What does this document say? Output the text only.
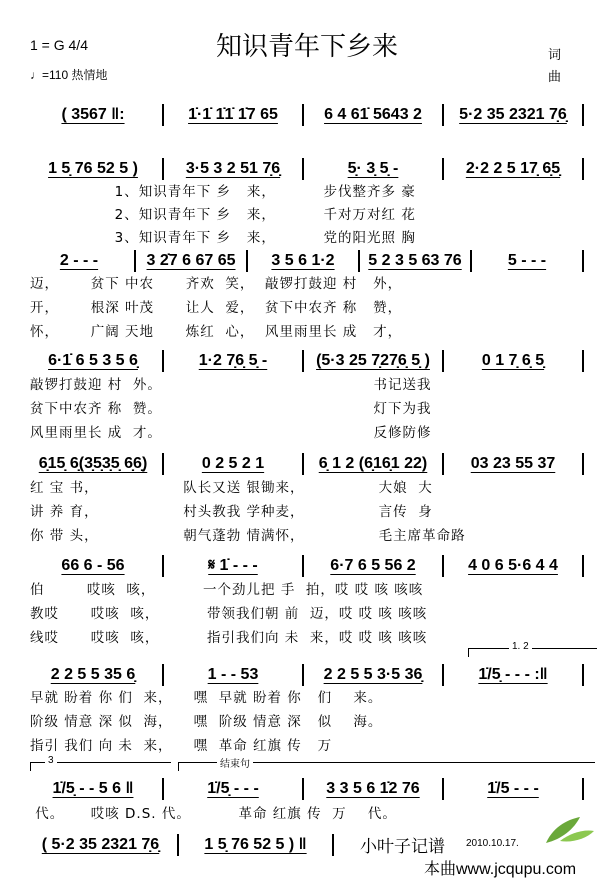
知识青年下乡来
1 = G 4/4
♩=110 热情地
词
曲
( 3567 ‖:	1̇·1̇ 1̇1̇ 1̇7 65	6 4 61̇ 5643 2	5·2 35 2321 7̣6̣
1 5̣ 76 52 5 )	3·5 3 2 51 7̣6̣	5̣· 3̣ 5̣ -	2·2 2 5 17̣ 6̣5̣
1、知识青年下 乡   来，         步伐整齐多 豪
2、知识青年下 乡   来，         千对万对红 花
3、知识青年下 乡   来，         党的阳光照 胸
2 - - -	3 2̇7 6 67 65	3 5 6 1·2	5 2 3 5 63 76	5 - - -
迈，      贫下 中农      齐欢  笑，  敲锣打鼓迎 村   外，
开，      根深 叶茂      让人  爱，  贫下中农齐 称   赞，
怀，      广阔 天地      炼红  心，  风里雨里长 成   才，
6·1̇ 6 5 3 5 6̣	1·2 7̣6̣ 5̣ -	(5·3 25 7̣27̣6̣ 5̣ )	0 1 7̣ 6̣ 5̣
敲锣打鼓迎 村  外。                                        书记送我
贫下中农齐 称  赞。                                        灯下为我
风里雨里长 成  才。                                        反修防修
6̣15̣ 6̣(3̣5̣3̣5̣ 6̣6̣)	0 2 5 2 1	6̣ 1 2 (6̣16̣1 22)	03 23 55 37
红 宝 书，                队长又送 银锄来，              大娘  大
讲 养 育，                村头教我 学种麦，              言传  身
你 带 头，                朝气蓬勃 情满怀，              毛主席革命路
66 6 - 56	𝄋 1̇ - - -	6·7 6 5 56 2	4 0 6 5·6 4 4
伯        哎咳  咳，         一个劲儿把 手  拍，哎 哎 咳 咳咳
教哎      哎咳  咳，         带领我们朝 前  迈，哎 哎 咳 咳咳
线哎      哎咳  咳，         指引我们向 未  来，哎 哎 咳 咳咳
2 2 5 5 35 6̣	1 - - 53	2 2 5 5 3·5 36̣	1̇/5̣ - - - :‖
早就 盼着 你 们  来，    嘿  早就 盼着 你   们    来。
阶级 情意 深 似  海，    嘿  阶级 情意 深   似    海。
指引 我们 向 未  来，    嘿  革命 红旗 传   万
1̇/5̣ - - 5 6 ‖	1̇/5̣ - - -	3 3 5 6 1̇2 76	1̇/5 - - -
代。     哎咳 D.S. 代。         革命 红旗 传  万    代。
( 5·2 35 2321 7̣6̣	1 5̣ 76 52 5 ) ‖
1. 2
3	结束句
小叶子记谱 2010.10.17.
本曲www.jcqupu.com
